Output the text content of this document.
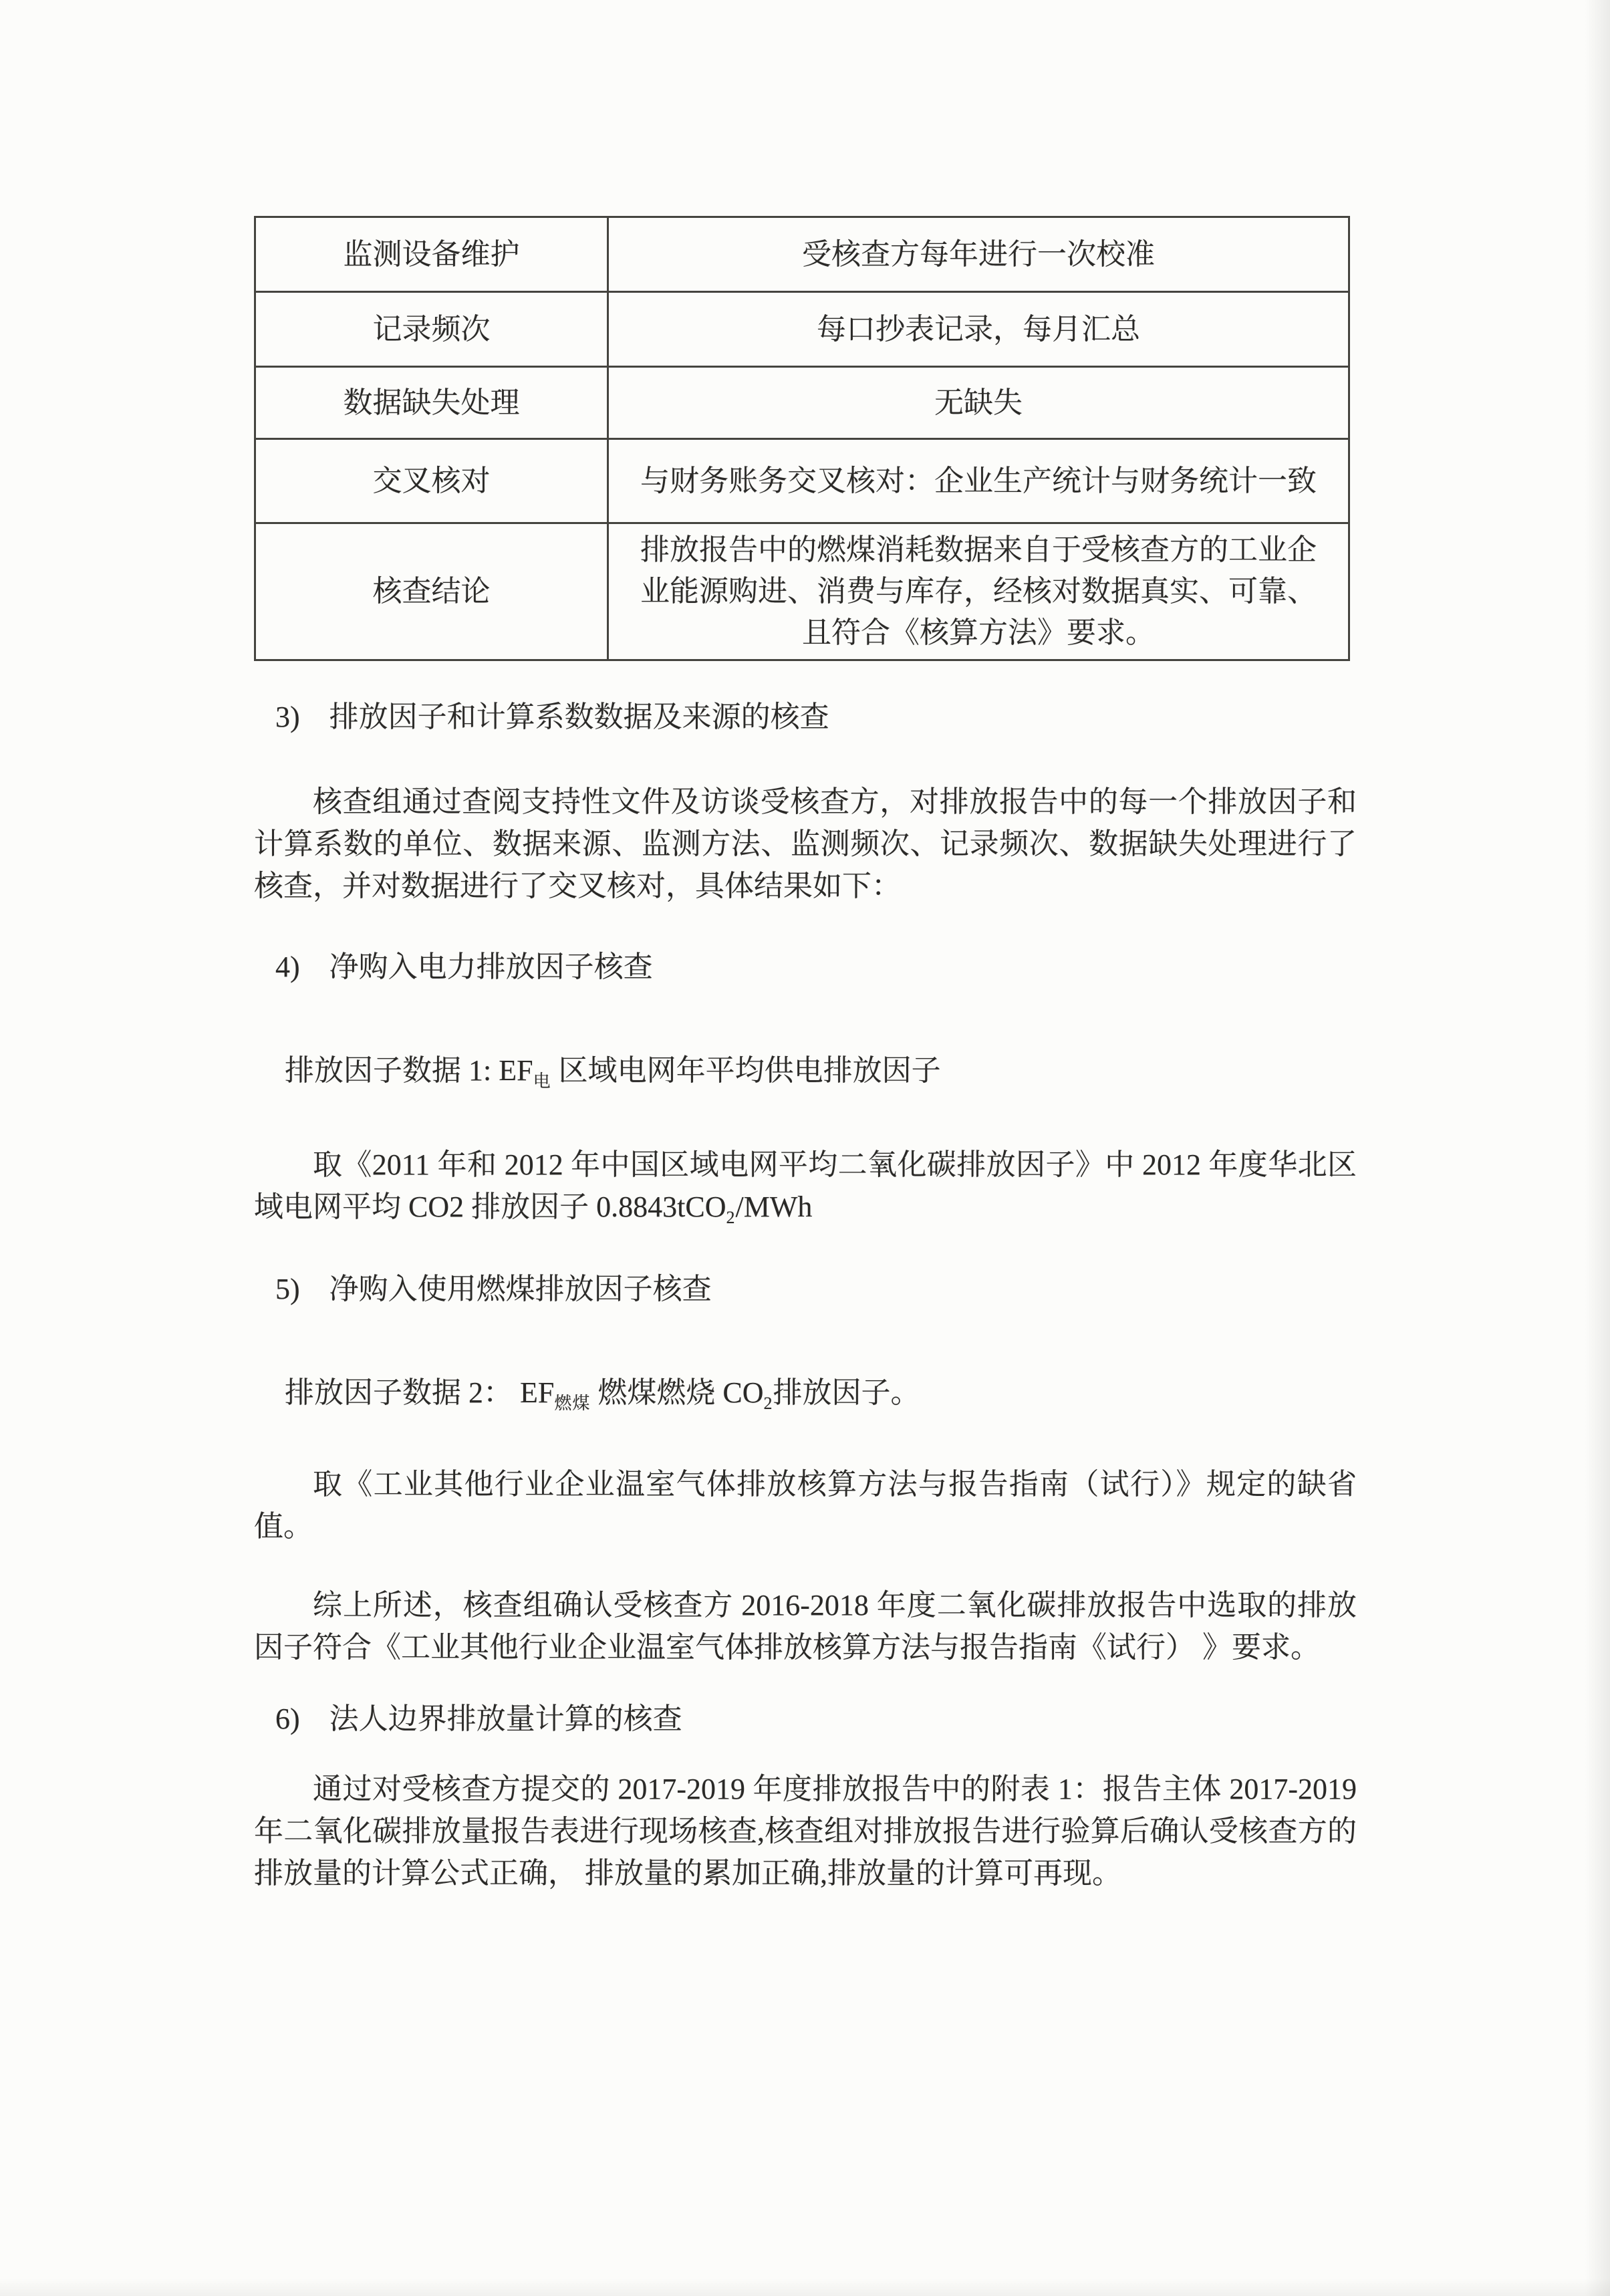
监测设备维护	受核查方每年进行一次校准
记录频次	每口抄表记录，每月汇总
数据缺失处理	无缺失
交叉核对	与财务账务交叉核对：企业生产统计与财务统计一致
核查结论	排放报告中的燃煤消耗数据来自于受核查方的工业企业能源购进、消费与库存，经核对数据真实、可靠、且符合《核算方法》要求。
3) 排放因子和计算系数数据及来源的核查

核查组通过查阅支持性文件及访谈受核查方，对排放报告中的每一个排放因子和计算系数的单位、数据来源、监测方法、监测频次、记录频次、数据缺失处理进行了核查，并对数据进行了交叉核对，具体结果如下：

4) 净购入电力排放因子核查
排放因子数据 1: $EF_电$ 区域电网年平均供电排放因子

取《2011 年和 2012 年中国区域电网平均二氧化碳排放因子》中 2012 年度华北区域电网平均 CO2 排放因子 0.8843tCO$_2$/MWh

5) 净购入使用燃煤排放因子核查
排放因子数据 2： $EF_{燃煤}$ 燃煤燃烧 $CO_2$排放因子。

取《工业其他行业企业温室气体排放核算方法与报告指南（试行）》规定的缺省值。

综上所述，核查组确认受核查方 2016-2018 年度二氧化碳排放报告中选取的排放因子符合《工业其他行业企业温室气体排放核算方法与报告指南《试行） 》要求。

6) 法人边界排放量计算的核查

通过对受核查方提交的 2017-2019 年度排放报告中的附表 1：报告主体 2017-2019 年二氧化碳排放量报告表进行现场核查,核查组对排放报告进行验算后确认受核查方的排放量的计算公式正确， 排放量的累加正确,排放量的计算可再现。
